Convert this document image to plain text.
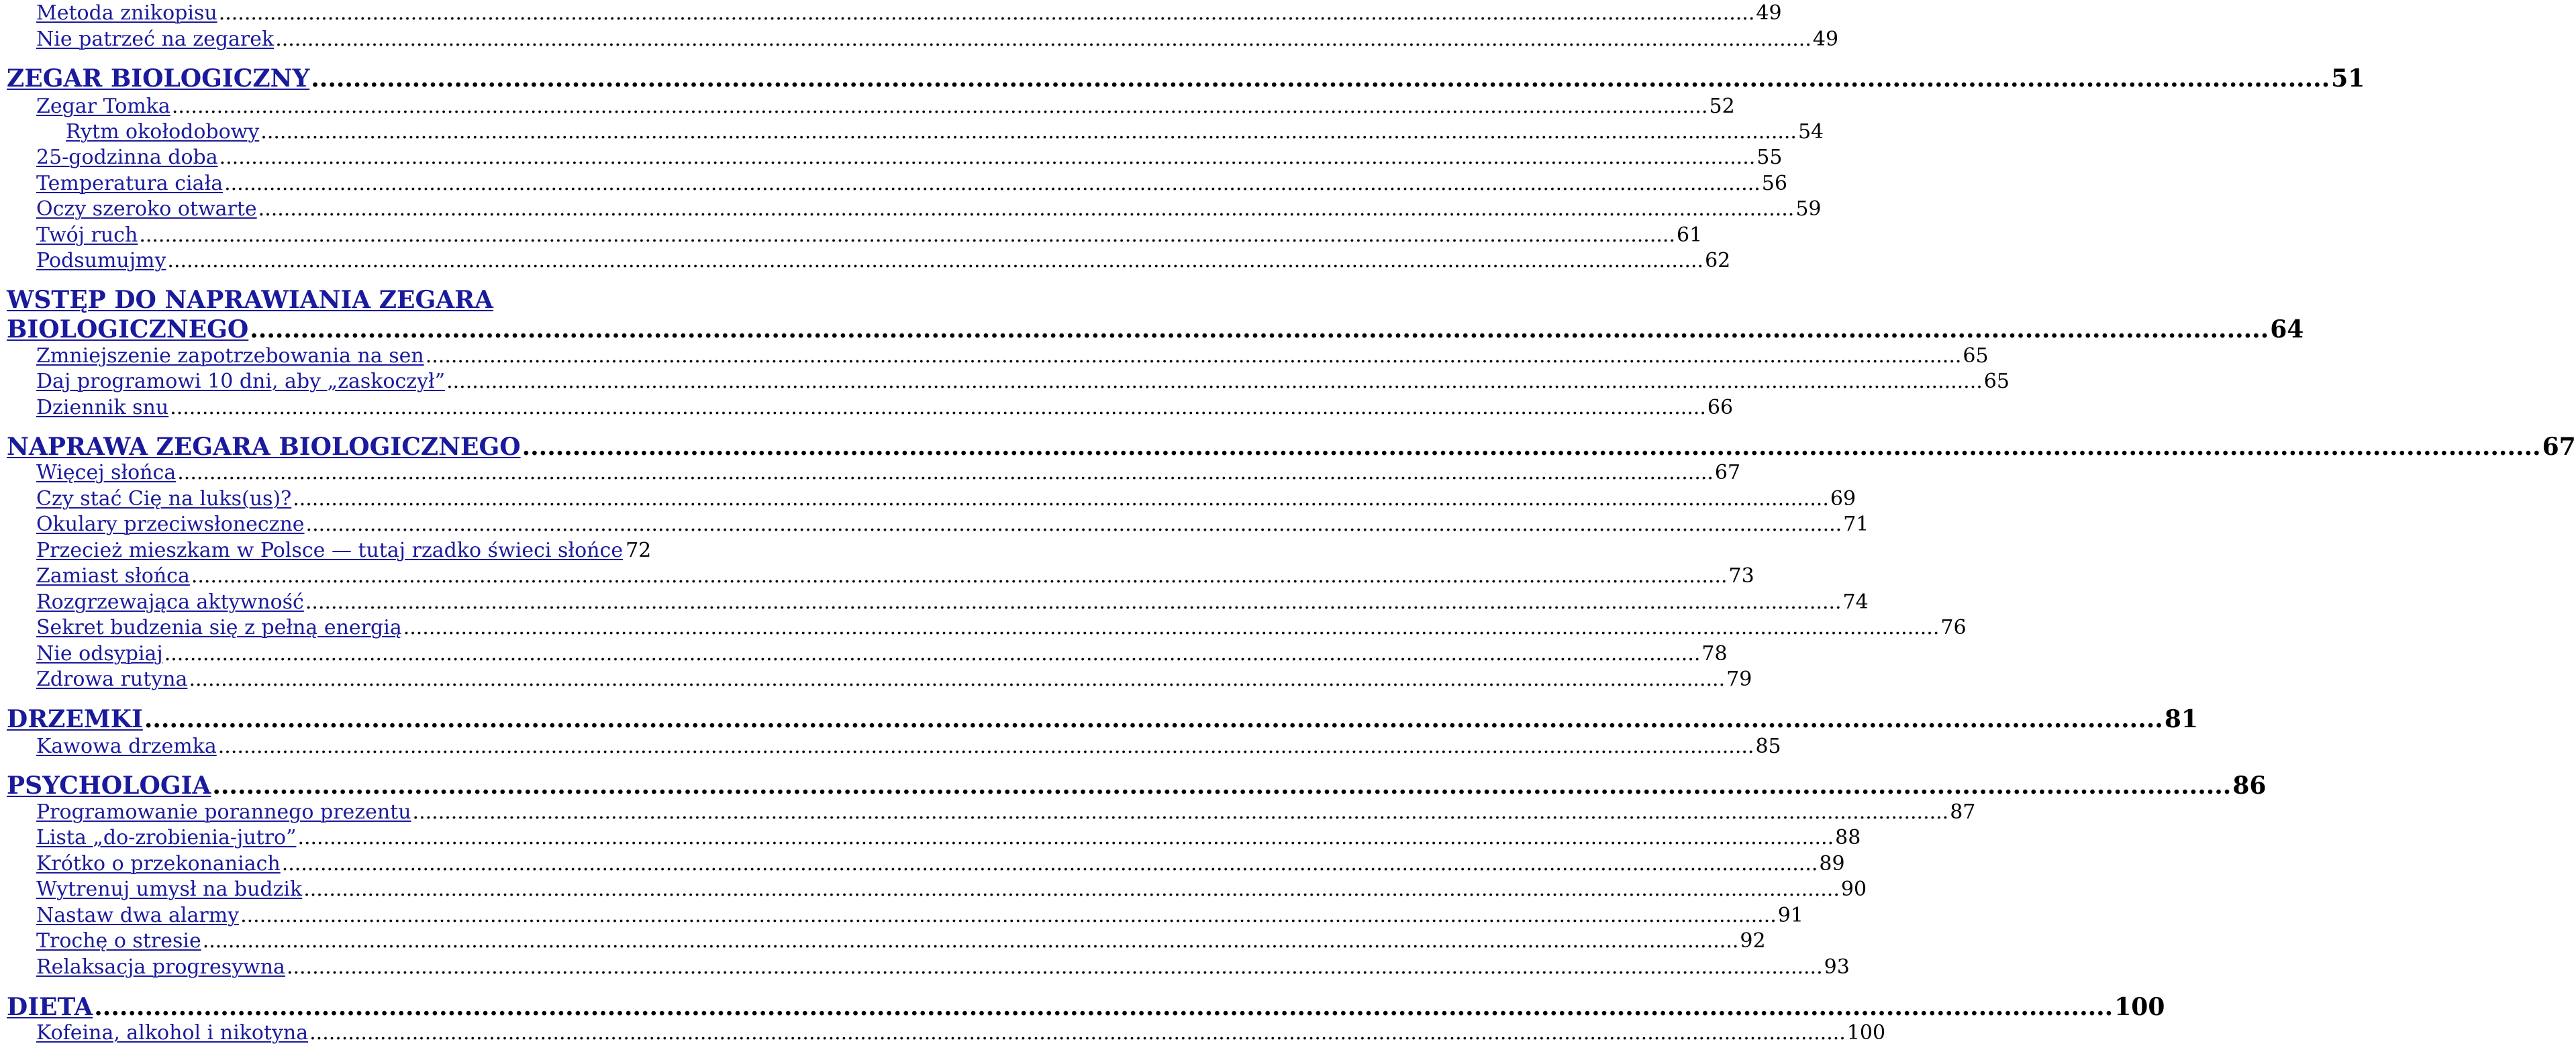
Metoda znikopisu .....	49
Nie patrzeć na zegarek .....	49
ZEGAR BIOLOGICZNY .....	51
Zegar Tomka .....	52
Rytm okołodobowy .....	54
25-godzinna doba .....	55
Temperatura ciała .....	56
Oczy szeroko otwarte .....	59
Twój ruch .....	61
Podsumujmy .....	62
WSTĘP DO NAPRAWIANIA ZEGARA
BIOLOGICZNEGO .....	64
Zmniejszenie zapotrzebowania na sen .....	65
Daj programowi 10 dni, aby „zaskoczył” .....	65
Dziennik snu .....	66
NAPRAWA ZEGARA BIOLOGICZNEGO .....	67
Więcej słońca .....	67
Czy stać Cię na luks(us)? .....	69
Okulary przeciwsłoneczne .....	71
Przecież mieszkam w Polsce — tutaj rzadko świeci słońce 72
Zamiast słońca .....	73
Rozgrzewająca aktywność .....	74
Sekret budzenia się z pełną energią .....	76
Nie odsypiaj .....	78
Zdrowa rutyna .....	79
DRZEMKI .....	81
Kawowa drzemka .....	85
PSYCHOLOGIA .....	86
Programowanie porannego prezentu .....	87
Lista „do-zrobienia-jutro” .....	88
Krótko o przekonaniach .....	89
Wytrenuj umysł na budzik .....	90
Nastaw dwa alarmy .....	91
Trochę o stresie .....	92
Relaksacja progresywna .....	93
DIETA .....	100
Kofeina, alkohol i nikotyna .....	100
